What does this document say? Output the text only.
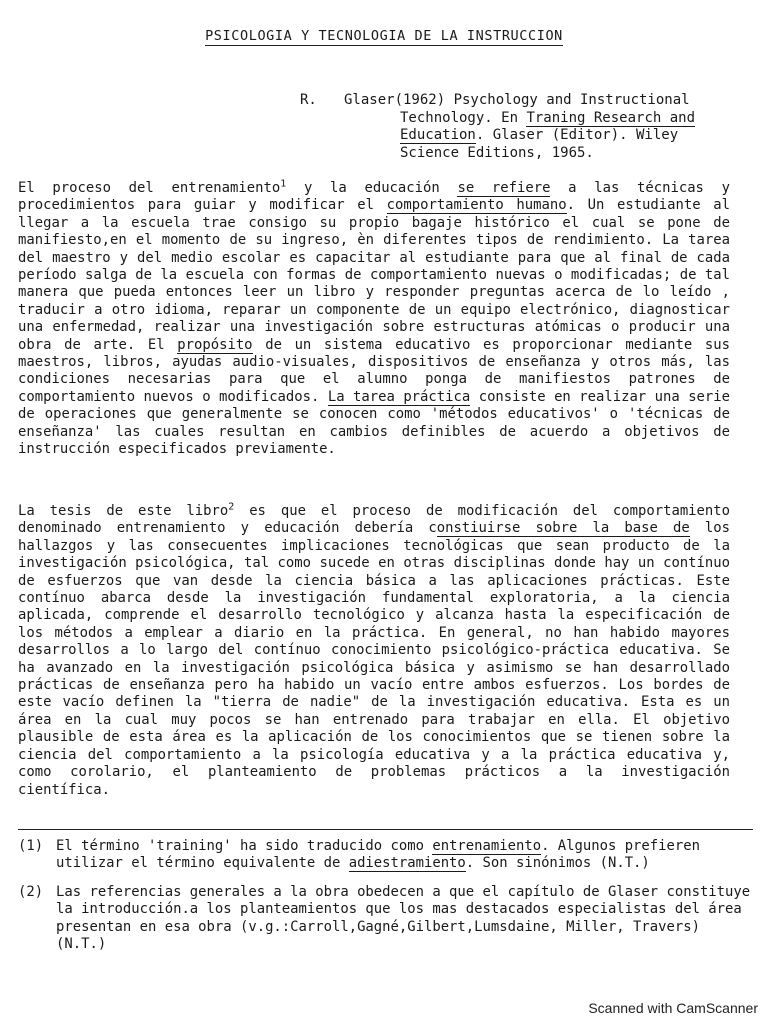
PSICOLOGIA Y TECNOLOGIA DE LA INSTRUCCION
R. Glaser(1962) Psychology and Instructional
Technology. En Traning Research and
Education. Glaser (Editor). Wiley
Science Editions, 1965.
El proceso del entrenamiento$^1$ y la educación se refiere a las técnicas y procedimientos para guiar y modificar el comportamiento humano. Un estudiante al llegar a la escuela trae consigo su propio bagaje histórico el cual se pone de manifiesto,en el momento de su ingreso, èn diferentes tipos de rendimiento. La tarea del maestro y del medio escolar es capacitar al estudiante para que al final de cada período salga de la escuela con formas de comportamiento nuevas o modificadas; de tal manera que pueda entonces leer un libro y responder preguntas acerca de lo leído , traducir a otro idioma, reparar un componente de un equipo electrónico, diagnosticar una enfermedad, realizar una investigación sobre estructuras atómicas o producir una obra de arte. El propósito de un sistema educativo es proporcionar mediante sus maestros, libros, ayudas audio-visuales, dispositivos de enseñanza y otros más, las condiciones necesarias para que el alumno ponga de manifiestos patrones de comportamiento nuevos o modificados. La tarea práctica consiste en realizar una serie de operaciones que generalmente se conocen como 'métodos educativos' o 'técnicas de enseñanza' las cuales resultan en cambios definibles de acuerdo a objetivos de instrucción especificados previamente.
La tesis de este libro$^2$ es que el proceso de modificación del comportamiento denominado entrenamiento y educación debería constiuirse sobre la base de los hallazgos y las consecuentes implicaciones tecnológicas que sean producto de la investigación psicológica, tal como sucede en otras disciplinas donde hay un contínuo de esfuerzos que van desde la ciencia básica a las aplicaciones prácticas. Este contínuo abarca desde la investigación fundamental exploratoria, a la ciencia aplicada, comprende el desarrollo tecnológico y alcanza hasta la especificación de los métodos a emplear a diario en la práctica. En general, no han habido mayores desarrollos a lo largo del contínuo conocimiento psicológico-práctica educativa. Se ha avanzado en la investigación psicológica básica y asimismo se han desarrollado prácticas de enseñanza pero ha habido un vacío entre ambos esfuerzos. Los bordes de este vacío definen la "tierra de nadie" de la investigación educativa. Esta es un área en la cual muy pocos se han entrenado para trabajar en ella. El objetivo plausible de esta área es la aplicación de los conocimientos que se tienen sobre la ciencia del comportamiento a la psicología educativa y a la práctica educativa y, como corolario, el planteamiento de problemas prácticos a la investigación científica.
(1) El término 'training' ha sido traducido como entrenamiento. Algunos prefieren utilizar el término equivalente de adiestramiento. Son sinónimos (N.T.)
(2) Las referencias generales a la obra obedecen a que el capítulo de Glaser constituye la introducción.a los planteamientos que los mas destacados especialistas del área presentan en esa obra (v.g.:Carroll,Gagné,Gilbert,Lumsdaine, Miller, Travers) (N.T.)
Scanned with CamScanner
